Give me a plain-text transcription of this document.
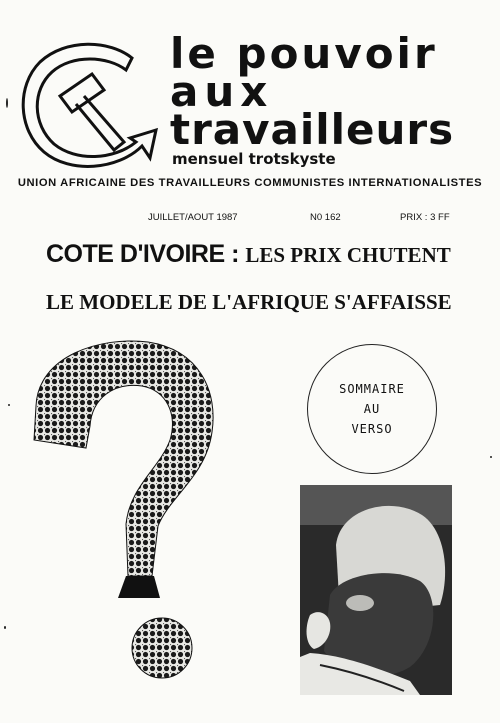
le pouvoir
aux
travailleurs
mensuel trotskyste
UNION AFRICAINE DES TRAVAILLEURS COMMUNISTES INTERNATIONALISTES
JUILLET/AOUT 1987	N0 162	PRIX : 3 FF
COTE D'IVOIRE : LES PRIX CHUTENT
LE MODELE DE L'AFRIQUE S'AFFAISSE
SOMMAIRE
AU
VERSO
